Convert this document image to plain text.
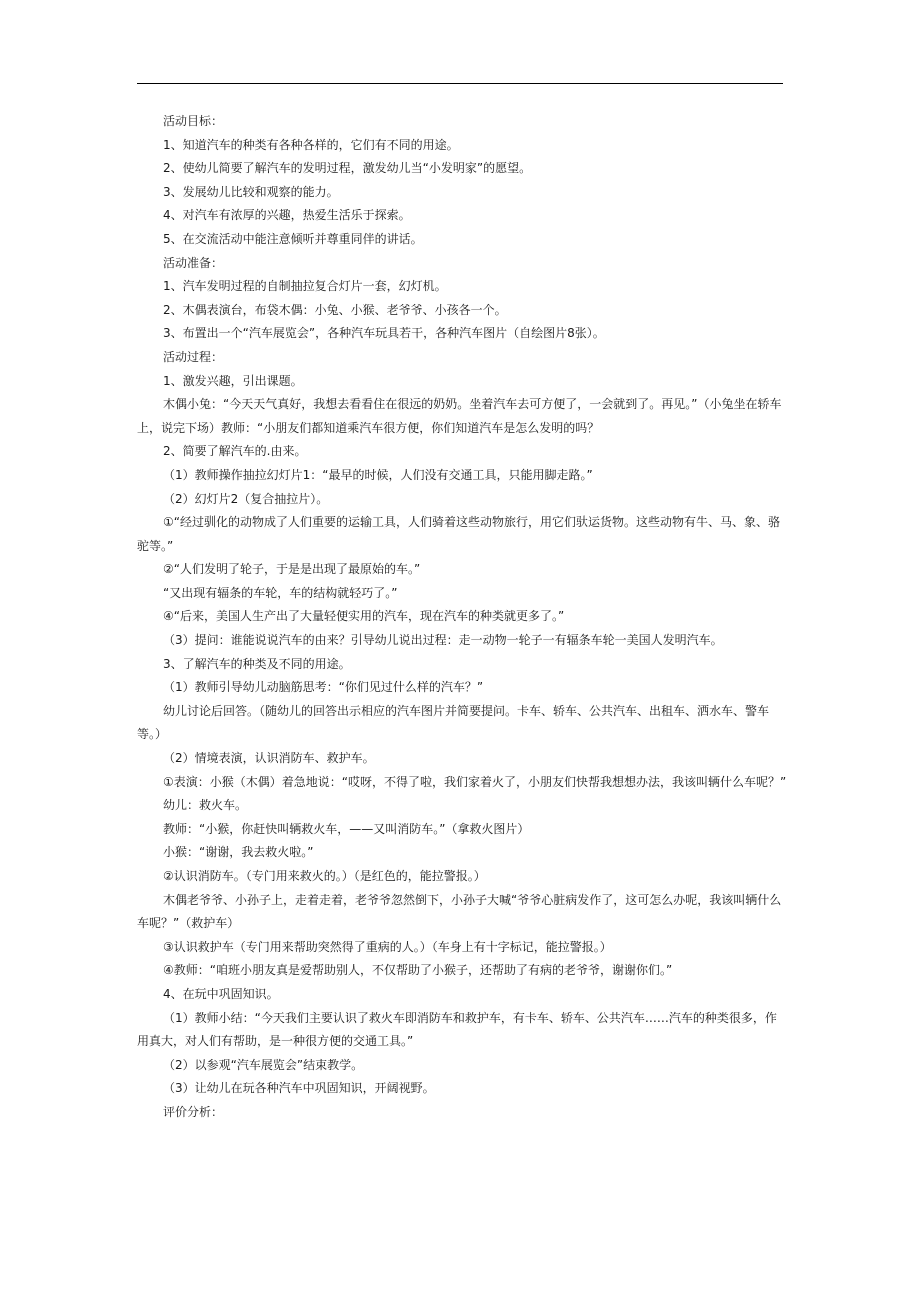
活动目标：

1、知道汽车的种类有各种各样的，它们有不同的用途。

2、使幼儿简要了解汽车的发明过程，激发幼儿当“小发明家”的愿望。

3、发展幼儿比较和观察的能力。

4、对汽车有浓厚的兴趣，热爱生活乐于探索。

5、在交流活动中能注意倾听并尊重同伴的讲话。

活动准备：

1、汽车发明过程的自制抽拉复合灯片一套，幻灯机。

2、木偶表演台，布袋木偶：小兔、小猴、老爷爷、小孩各一个。

3、布置出一个“汽车展览会”，各种汽车玩具若干，各种汽车图片（自绘图片8张）。

活动过程：

1、激发兴趣，引出课题。

木偶小兔：“今天天气真好，我想去看看住在很远的奶奶。坐着汽车去可方便了，一会就到了。再见。”（小兔坐在轿车上，说完下场）教师：“小朋友们都知道乘汽车很方便，你们知道汽车是怎么发明的吗？

2、简要了解汽车的.由来。

（1）教师操作抽拉幻灯片1：“最早的时候，人们没有交通工具，只能用脚走路。”

（2）幻灯片2（复合抽拉片）。

①“经过驯化的动物成了人们重要的运输工具，人们骑着这些动物旅行，用它们驮运货物。这些动物有牛、马、象、骆驼等。”

②“人们发明了轮子，于是是出现了最原始的车。”

“又出现有辐条的车轮，车的结构就轻巧了。”

④“后来，美国人生产出了大量轻便实用的汽车，现在汽车的种类就更多了。”

（3）提问：谁能说说汽车的由来？引导幼儿说出过程：走一动物一轮子一有辐条车轮一美国人发明汽车。

3、了解汽车的种类及不同的用途。

（1）教师引导幼儿动脑筋思考：“你们见过什么样的汽车？”

幼儿讨论后回答。（随幼儿的回答出示相应的汽车图片并简要提问。卡车、轿车、公共汽车、出租车、洒水车、警车等。）

（2）情境表演，认识消防车、救护车。

①表演：小猴（木偶）着急地说：“哎呀，不得了啦，我们家着火了，小朋友们快帮我想想办法，我该叫辆什么车呢？”

幼儿：救火车。

教师：“小猴，你赶快叫辆救火车，——又叫消防车。”（拿救火图片）

小猴：“谢谢，我去救火啦。”

②认识消防车。（专门用来救火的。）（是红色的，能拉警报。）

木偶老爷爷、小孙子上，走着走着，老爷爷忽然倒下，小孙子大喊“爷爷心脏病发作了，这可怎么办呢，我该叫辆什么车呢？”（救护车）

③认识救护车（专门用来帮助突然得了重病的人。）（车身上有十字标记，能拉警报。）

④教师：“咱班小朋友真是爱帮助别人，不仅帮助了小猴子，还帮助了有病的老爷爷，谢谢你们。”

4、在玩中巩固知识。

（1）教师小结：“今天我们主要认识了救火车即消防车和救护车，有卡车、轿车、公共汽车……汽车的种类很多，作用真大，对人们有帮助，是一种很方便的交通工具。”

（2）以参观“汽车展览会”结束教学。

（3）让幼儿在玩各种汽车中巩固知识，开阔视野。

评价分析：
